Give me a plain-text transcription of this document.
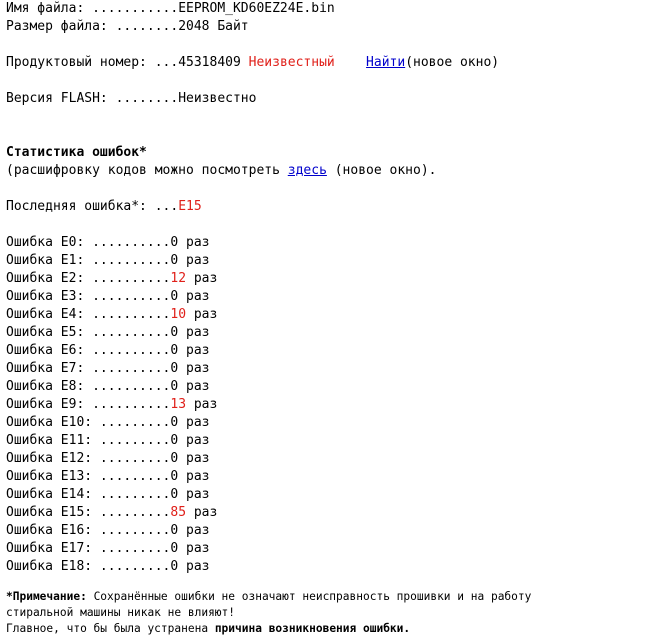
Имя файла: ...........EEPROM_KD60EZ24E.bin
Размер файла: ........2048 Байт
Продуктовый номер: ...45318409 Неизвестный Найти(новое окно)
Версия FLASH: ........Неизвестно
Статистика ошибок*
(расшифровку кодов можно посмотреть здесь (новое окно).
Последняя ошибка*: ...E15
Ошибка E0: ..........0 раз
Ошибка E1: ..........0 раз
Ошибка E2: ..........12 раз
Ошибка E3: ..........0 раз
Ошибка E4: ..........10 раз
Ошибка E5: ..........0 раз
Ошибка E6: ..........0 раз
Ошибка E7: ..........0 раз
Ошибка E8: ..........0 раз
Ошибка E9: ..........13 раз
Ошибка E10: .........0 раз
Ошибка E11: .........0 раз
Ошибка E12: .........0 раз
Ошибка E13: .........0 раз
Ошибка E14: .........0 раз
Ошибка E15: .........85 раз
Ошибка E16: .........0 раз
Ошибка E17: .........0 раз
Ошибка E18: .........0 раз
*Примечание: Сохранённые ошибки не означают неисправность прошивки и на работу
стиральной машины никак не влияют!
Главное, что бы была устранена причина возникновения ошибки.
